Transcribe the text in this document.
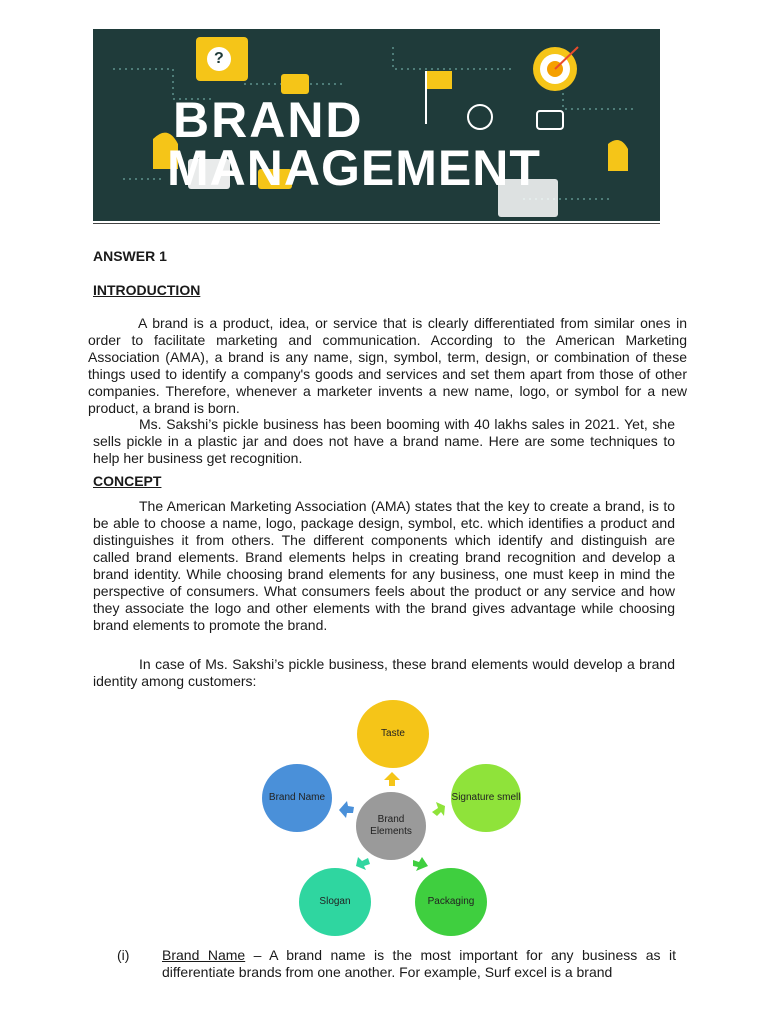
BRAND
MANAGEMENT
?
ANSWER 1
INTRODUCTION

A brand is a product, idea, or service that is clearly differentiated from similar ones in order to facilitate marketing and communication. According to the American Marketing Association (AMA), a brand is any name, sign, symbol, term, design, or combination of these things used to identify a company's goods and services and set them apart from those of other companies. Therefore, whenever a marketer invents a new name, logo, or symbol for a new product, a brand is born.

Ms. Sakshi’s pickle business has been booming with 40 lakhs sales in 2021. Yet, she sells pickle in a plastic jar and does not have a brand name. Here are some techniques to help her business get recognition.

CONCEPT

The American Marketing Association (AMA) states that the key to create a brand, is to be able to choose a name, logo, package design, symbol, etc. which identifies a product and distinguishes it from others. The different components which identify and distinguish are called brand elements. Brand elements helps in creating brand recognition and develop a brand identity. While choosing brand elements for any business, one must keep in mind the perspective of consumers. What consumers feels about the product or any service and how they associate the logo and other elements with the brand gives advantage while choosing brand elements to promote the brand.

In case of Ms. Sakshi’s pickle business, these brand elements would develop a brand identity among customers:

Taste
Signature smell
Packaging
Slogan
Brand Name
Brand Elements
(i) Brand Name – A brand name is the most important for any business as it differentiate brands from one another. For example, Surf excel is a brand
